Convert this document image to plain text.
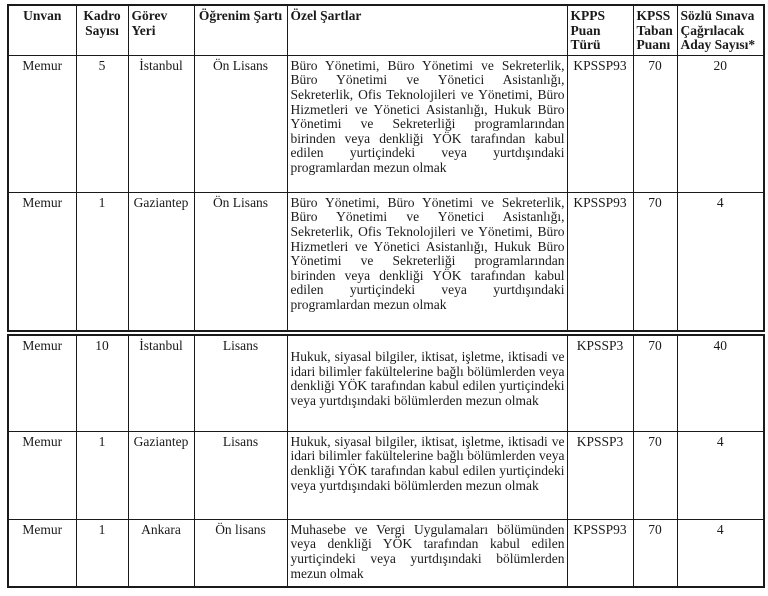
Unvan	Kadro Sayısı	Görev Yeri	Öğrenim Şartı	Özel Şartlar	KPPS Puan Türü	KPSS Taban Puanı	Sözlü Sınava Çağrılacak Aday Sayısı*
Memur	5	İstanbul	Ön Lisans	Büro Yönetimi, Büro Yönetimi ve Sekreterlik, Büro Yönetimi ve Yönetici Asistanlığı, Sekreterlik, Ofis Teknolojileri ve Yönetimi, Büro Hizmetleri ve Yönetici Asistanlığı, Hukuk Büro Yönetimi ve Sekreterliği programlarından birinden veya denkliği YÖK tarafından kabul edilen yurtiçindeki veya yurtdışındaki programlardan mezun olmak	KPSSP93	70	20
Memur	1	Gaziantep	Ön Lisans	Büro Yönetimi, Büro Yönetimi ve Sekreterlik, Büro Yönetimi ve Yönetici Asistanlığı, Sekreterlik, Ofis Teknolojileri ve Yönetimi, Büro Hizmetleri ve Yönetici Asistanlığı, Hukuk Büro Yönetimi ve Sekreterliği programlarından birinden veya denkliği YÖK tarafından kabul edilen yurtiçindeki veya yurtdışındaki programlardan mezun olmak	KPSSP93	70	4
Memur	10	İstanbul	Lisans	Hukuk, siyasal bilgiler, iktisat, işletme, iktisadi ve idari bilimler fakültelerine bağlı bölümlerden veya denkliği YÖK tarafından kabul edilen yurtiçindeki veya yurtdışındaki bölümlerden mezun olmak	KPSSP3	70	40
Memur	1	Gaziantep	Lisans	Hukuk, siyasal bilgiler, iktisat, işletme, iktisadi ve idari bilimler fakültelerine bağlı bölümlerden veya denkliği YÖK tarafından kabul edilen yurtiçindeki veya yurtdışındaki bölümlerden mezun olmak	KPSSP3	70	4
Memur	1	Ankara	Ön lisans	Muhasebe ve Vergi Uygulamaları bölümünden veya denkliği YÖK tarafından kabul edilen yurtiçindeki veya yurtdışındaki bölümlerden mezun olmak	KPSSP93	70	4
